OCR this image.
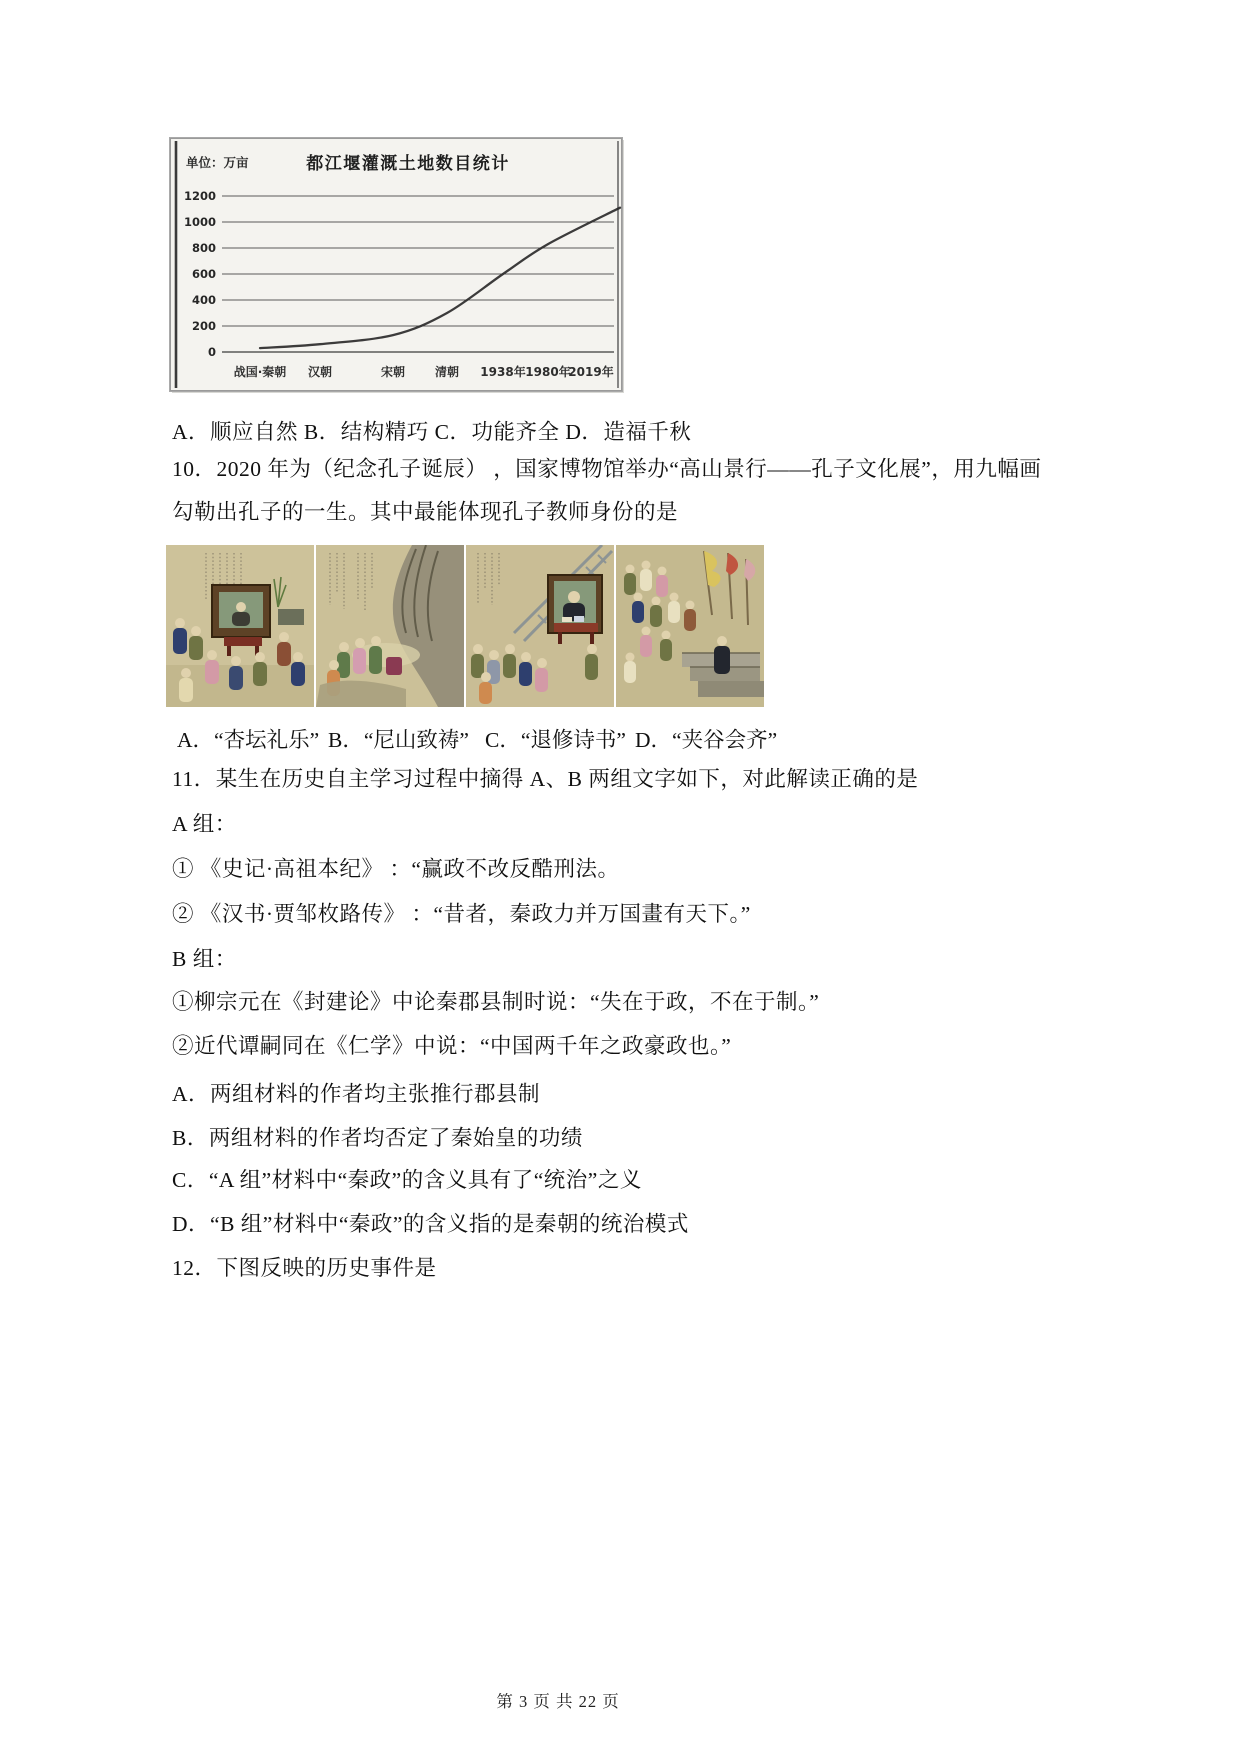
都江堰灌溉土地数目统计
单位：万亩
1200
1000
800
600
400
200
0
战国·秦朝 汉朝	宋朝 清朝 1938年 1980年
2019年
A．顺应自然 B．结构精巧 C．功能齐全 D．造福千秋
10．2020 年为（纪念孔子诞辰） ，国家博物馆举办“高山景行——孔子文化展”，用九幅画
勾勒出孔子的一生。其中最能体现孔子教师身份的是
A．“杏坛礼乐” B．“尼山致祷” C．“退修诗书” D．“夹谷会齐”
11．某生在历史自主学习过程中摘得 A、B 两组文字如下，对此解读正确的是
A 组：
① 《史记·高祖本纪》 ：“赢政不改反酷刑法。
② 《汉书·贾邹枚路传》 ：“昔者，秦政力并万国畫有天下。”
B 组：
①柳宗元在《封建论》中论秦郡县制时说：“失在于政，不在于制。”
②近代谭嗣同在《仁学》中说：“中国两千年之政豪政也。”
A．两组材料的作者均主张推行郡县制
B．两组材料的作者均否定了秦始皇的功绩
C．“A 组”材料中“秦政”的含义具有了“统治”之义
D．“B 组”材料中“秦政”的含义指的是秦朝的统治模式
12．下图反映的历史事件是
第 3 页 共 22 页
